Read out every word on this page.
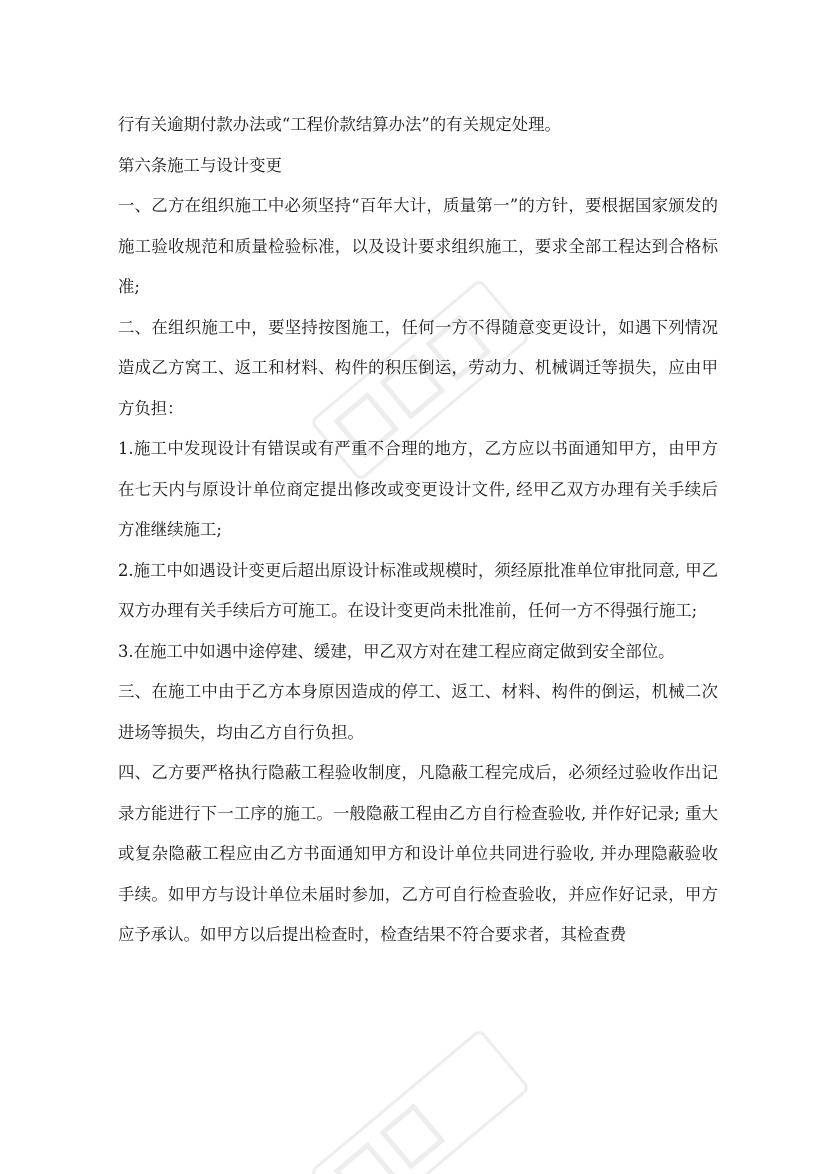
行有关逾期付款办法或“工程价款结算办法”的有关规定处理。

第六条施工与设计变更

一、乙方在组织施工中必须坚持“百年大计，质量第一”的方针，要根据国家颁发的施工验收规范和质量检验标准，以及设计要求组织施工，要求全部工程达到合格标准;

二、在组织施工中，要坚持按图施工，任何一方不得随意变更设计，如遇下列情况造成乙方窝工、返工和材料、构件的积压倒运，劳动力、机械调迁等损失，应由甲方负担：

1.施工中发现设计有错误或有严重不合理的地方，乙方应以书面通知甲方，由甲方在七天内与原设计单位商定提出修改或变更设计文件, 经甲乙双方办理有关手续后方准继续施工;

2.施工中如遇设计变更后超出原设计标准或规模时，须经原批准单位审批同意, 甲乙双方办理有关手续后方可施工。在设计变更尚未批准前，任何一方不得强行施工;

3.在施工中如遇中途停建、缓建，甲乙双方对在建工程应商定做到安全部位。

三、在施工中由于乙方本身原因造成的停工、返工、材料、构件的倒运，机械二次进场等损失，均由乙方自行负担。

四、乙方要严格执行隐蔽工程验收制度，凡隐蔽工程完成后，必须经过验收作出记录方能进行下一工序的施工。一般隐蔽工程由乙方自行检查验收, 并作好记录; 重大或复杂隐蔽工程应由乙方书面通知甲方和设计单位共同进行验收, 并办理隐蔽验收手续。如甲方与设计单位未届时参加，乙方可自行检查验收，并应作好记录，甲方应予承认。如甲方以后提出检查时，检查结果不符合要求者，其检查费
